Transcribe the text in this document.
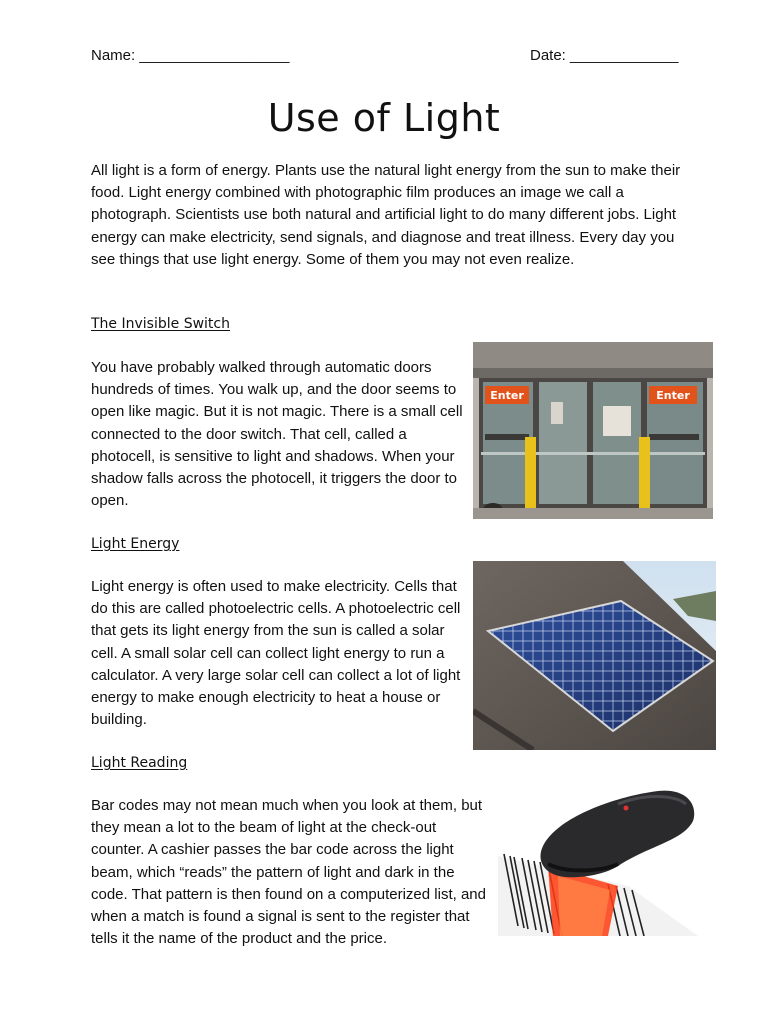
Name: __________________	Date: _____________
Use of Light
All light is a form of energy. Plants use the natural light energy from the sun to make their food. Light energy combined with photographic film produces an image we call a photograph. Scientists use both natural and artificial light to do many different jobs. Light energy can make electricity, send signals, and diagnose and treat illness. Every day you see things that use light energy. Some of them you may not even realize.
The Invisible Switch
You have probably walked through automatic doors hundreds of times. You walk up, and the door seems to open like magic. But it is not magic. There is a small cell connected to the door switch. That cell, called a photocell, is sensitive to light and shadows. When your shadow falls across the photocell, it triggers the door to open.
Enter	Enter
Light Energy
Light energy is often used to make electricity. Cells that do this are called photoelectric cells. A photoelectric cell that gets its light energy from the sun is called a solar cell. A small solar cell can collect light energy to run a calculator. A very large solar cell can collect a lot of light energy to make enough electricity to heat a house or building.
Light Reading
Bar codes may not mean much when you look at them, but they mean a lot to the beam of light at the check-out counter. A cashier passes the bar code across the light beam, which “reads” the pattern of light and dark in the code. That pattern is then found on a computerized list, and when a match is found a signal is sent to the register that tells it the name of the product and the price.
